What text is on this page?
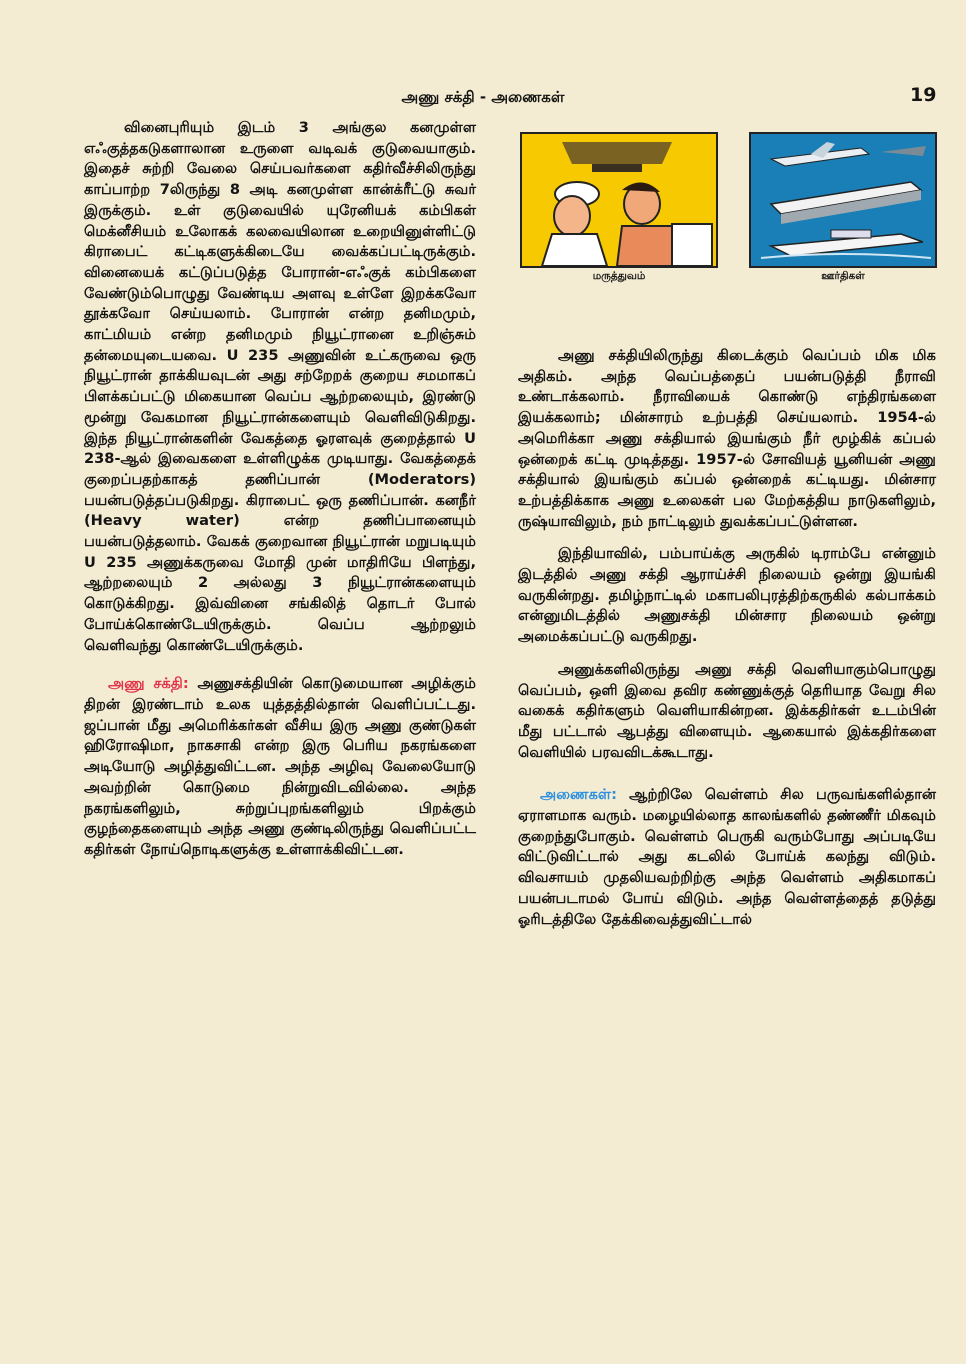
அணு சக்தி - அணைகள்	19

வினைபுரியும் இடம் 3 அங்குல கனமுள்ள எஃகுத்தகடுகளாலான உருளை வடிவக் குடுவையாகும். இதைச் சுற்றி வேலை செய்பவர்களை கதிர்வீச்சிலிருந்து காப்பாற்ற 7லிருந்து 8 அடி கனமுள்ள கான்க்ரீட்டு சுவர் இருக்கும். உள் குடுவையில் யுரேனியக் கம்பிகள் மெக்னீசியம் உலோகக் கலவையிலான உறையினுள்ளிட்டு கிராபைட் கட்டிகளுக்கிடையே வைக்கப்பட்டிருக்கும். வினையைக் கட்டுப்படுத்த போரான்-எஃகுக் கம்பிகளை வேண்டும்பொழுது வேண்டிய அளவு உள்ளே இறக்கவோ தூக்கவோ செய்யலாம். போரான் என்ற தனிமமும், காட்மியம் என்ற தனிமமும் நியூட்ரானை உறிஞ்சும் தன்மையுடையவை. U 235 அணுவின் உட்கருவை ஒரு நியூட்ரான் தாக்கியவுடன் அது சற்றேறக் குறைய சமமாகப் பிளக்கப்பட்டு மிகையான வெப்ப ஆற்றலையும், இரண்டு மூன்று வேகமான நியூட்ரான்களையும் வெளிவிடுகிறது. இந்த நியூட்ரான்களின் வேகத்தை ஓரளவுக் குறைத்தால் U 238-ஆல் இவைகளை உள்ளிழுக்க முடியாது. வேகத்தைக் குறைப்பதற்காகத் தணிப்பான் (Moderators) பயன்படுத்தப்படுகிறது. கிராபைட் ஒரு தணிப்பான். கனநீர் (Heavy water) என்ற தணிப்பானையும் பயன்படுத்தலாம். வேகக் குறைவான நியூட்ரான் மறுபடியும் U 235 அணுக்கருவை மோதி முன் மாதிரியே பிளந்து, ஆற்றலையும் 2 அல்லது 3 நியூட்ரான்களையும் கொடுக்கிறது. இவ்வினை சங்கிலித் தொடர் போல் போய்க்கொண்டேயிருக்கும். வெப்ப ஆற்றலும் வெளிவந்து கொண்டேயிருக்கும்.

அணு சக்தி: அணுசக்தியின் கொடுமையான அழிக்கும் திறன் இரண்டாம் உலக யுத்தத்தில்தான் வெளிப்பட்டது. ஜப்பான் மீது அமெரிக்கர்கள் வீசிய இரு அணு குண்டுகள் ஹிரோஷிமா, நாகசாகி என்ற இரு பெரிய நகரங்களை அடியோடு அழித்துவிட்டன. அந்த அழிவு வேலையோடு அவற்றின் கொடுமை நின்றுவிடவில்லை. அந்த நகரங்களிலும், சுற்றுப்புறங்களிலும் பிறக்கும் குழந்தைகளையும் அந்த அணு குண்டிலிருந்து வெளிப்பட்ட கதிர்கள் நோய்நொடிகளுக்கு உள்ளாக்கிவிட்டன.

மருத்துவம்	ஊர்திகள்

அணு சக்தியிலிருந்து கிடைக்கும் வெப்பம் மிக மிக அதிகம். அந்த வெப்பத்தைப் பயன்படுத்தி நீராவி உண்டாக்கலாம். நீராவியைக் கொண்டு எந்திரங்களை இயக்கலாம்; மின்சாரம் உற்பத்தி செய்யலாம். 1954-ல் அமெரிக்கா அணு சக்தியால் இயங்கும் நீர் மூழ்கிக் கப்பல் ஒன்றைக் கட்டி முடித்தது. 1957-ல் சோவியத் யூனியன் அணு சக்தியால் இயங்கும் கப்பல் ஒன்றைக் கட்டியது. மின்சார உற்பத்திக்காக அணு உலைகள் பல மேற்கத்திய நாடுகளிலும், ருஷ்யாவிலும், நம் நாட்டிலும் துவக்கப்பட்டுள்ளன.

இந்தியாவில், பம்பாய்க்கு அருகில் டிராம்பே என்னும் இடத்தில் அணு சக்தி ஆராய்ச்சி நிலையம் ஒன்று இயங்கி வருகின்றது. தமிழ்நாட்டில் மகாபலிபுரத்திற்கருகில் கல்பாக்கம் என்னுமிடத்தில் அணுசக்தி மின்சார நிலையம் ஒன்று அமைக்கப்பட்டு வருகிறது.

அணுக்களிலிருந்து அணு சக்தி வெளியாகும்பொழுது வெப்பம், ஒளி இவை தவிர கண்ணுக்குத் தெரியாத வேறு சில வகைக் கதிர்களும் வெளியாகின்றன. இக்கதிர்கள் உடம்பின் மீது பட்டால் ஆபத்து விளையும். ஆகையால் இக்கதிர்களை வெளியில் பரவவிடக்கூடாது.

அணைகள்: ஆற்றிலே வெள்ளம் சில பருவங்களில்தான் ஏராளமாக வரும். மழையில்லாத காலங்களில் தண்ணீர் மிகவும் குறைந்துபோகும். வெள்ளம் பெருகி வரும்போது அப்படியே விட்டுவிட்டால் அது கடலில் போய்க் கலந்து விடும். விவசாயம் முதலியவற்றிற்கு அந்த வெள்ளம் அதிகமாகப் பயன்படாமல் போய் விடும். அந்த வெள்ளத்தைத் தடுத்து ஓரிடத்திலே தேக்கிவைத்துவிட்டால்
